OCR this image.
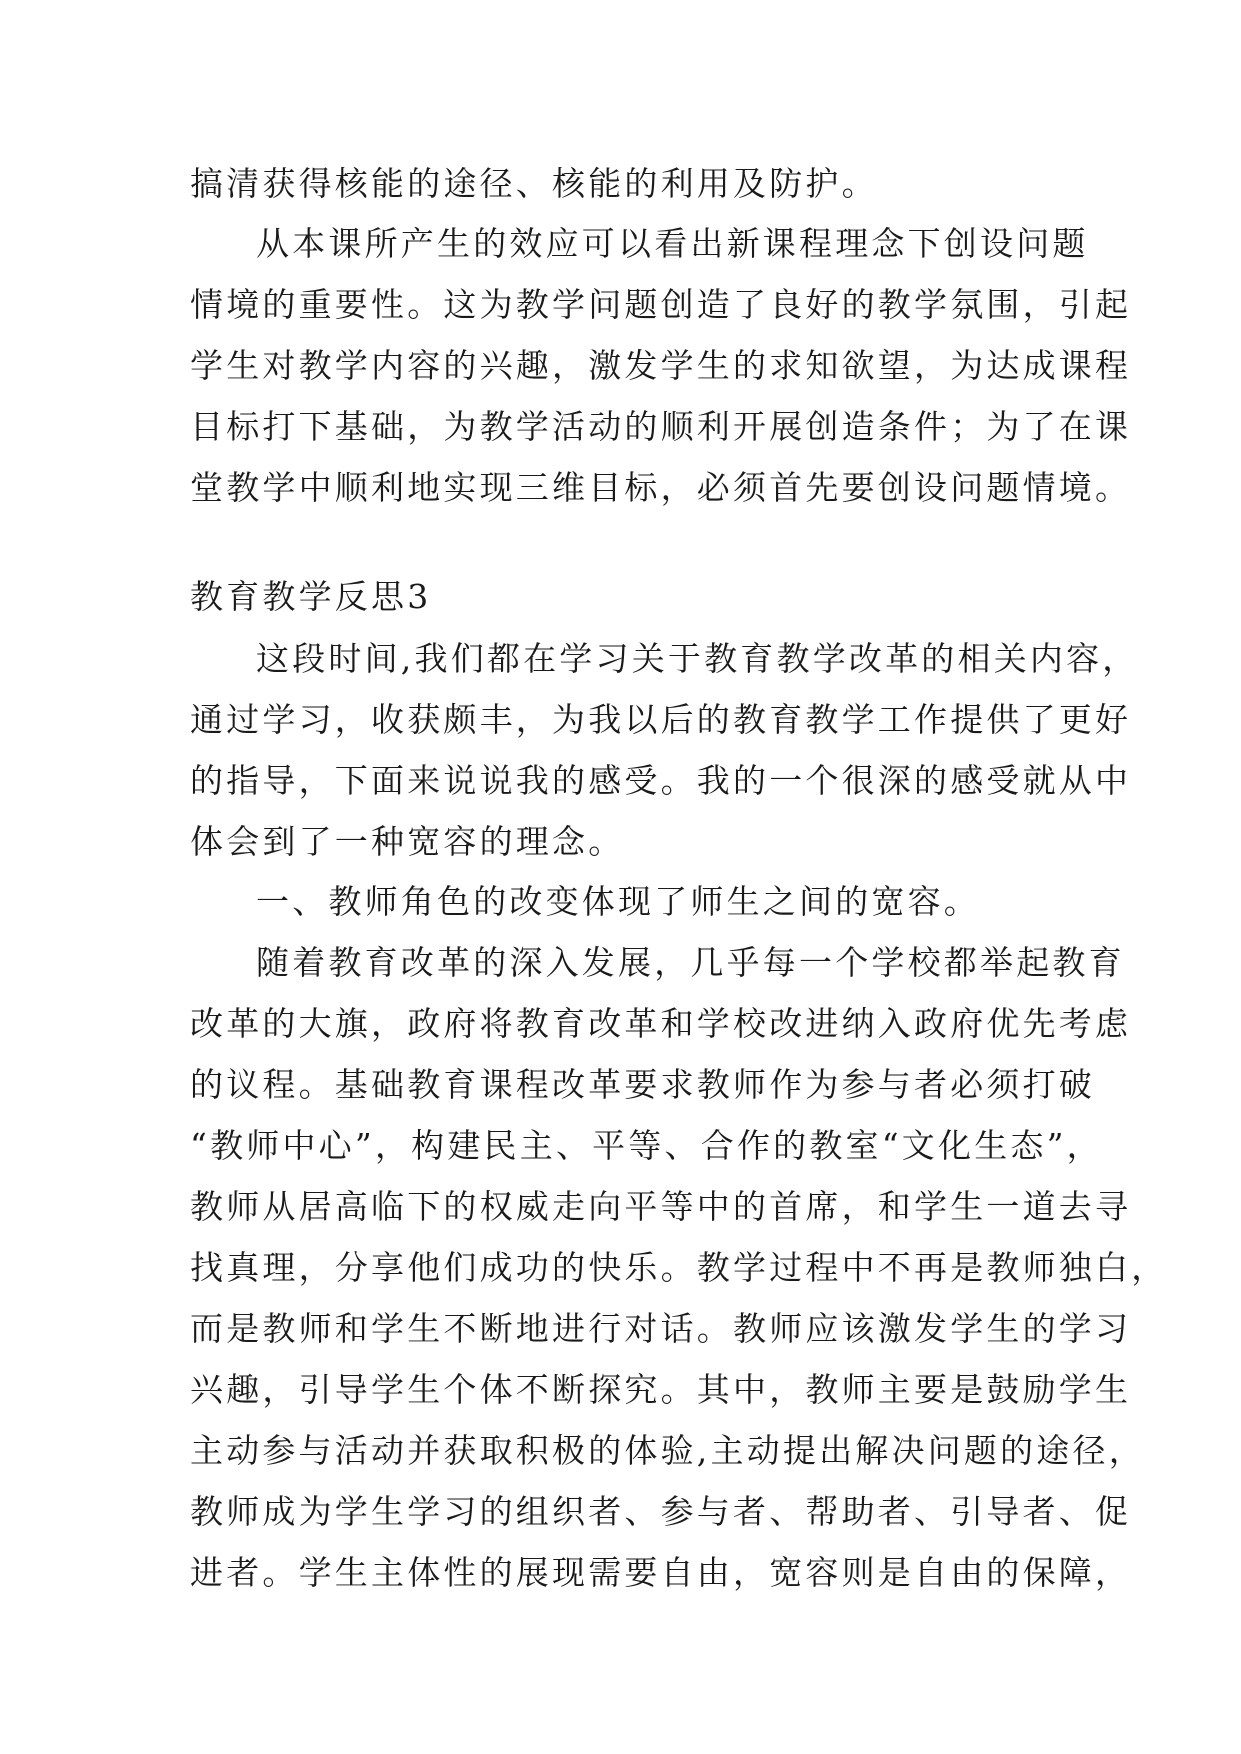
搞清获得核能的途径、核能的利用及防护。
从本课所产生的效应可以看出新课程理念下创设问题
情境的重要性。这为教学问题创造了良好的教学氛围，引起
学生对教学内容的兴趣，激发学生的求知欲望，为达成课程
目标打下基础，为教学活动的顺利开展创造条件；为了在课
堂教学中顺利地实现三维目标，必须首先要创设问题情境。
教育教学反思3
这段时间,我们都在学习关于教育教学改革的相关内容，
通过学习，收获颇丰，为我以后的教育教学工作提供了更好
的指导，下面来说说我的感受。我的一个很深的感受就从中
体会到了一种宽容的理念。
一、教师角色的改变体现了师生之间的宽容。
随着教育改革的深入发展，几乎每一个学校都举起教育
改革的大旗，政府将教育改革和学校改进纳入政府优先考虑
的议程。基础教育课程改革要求教师作为参与者必须打破
“教师中心”，构建民主、平等、合作的教室“文化生态”，
教师从居高临下的权威走向平等中的首席，和学生一道去寻
找真理，分享他们成功的快乐。教学过程中不再是教师独白，
而是教师和学生不断地进行对话。教师应该激发学生的学习
兴趣，引导学生个体不断探究。其中，教师主要是鼓励学生
主动参与活动并获取积极的体验,主动提出解决问题的途径，
教师成为学生学习的组织者、参与者、帮助者、引导者、促
进者。学生主体性的展现需要自由，宽容则是自由的保障，
